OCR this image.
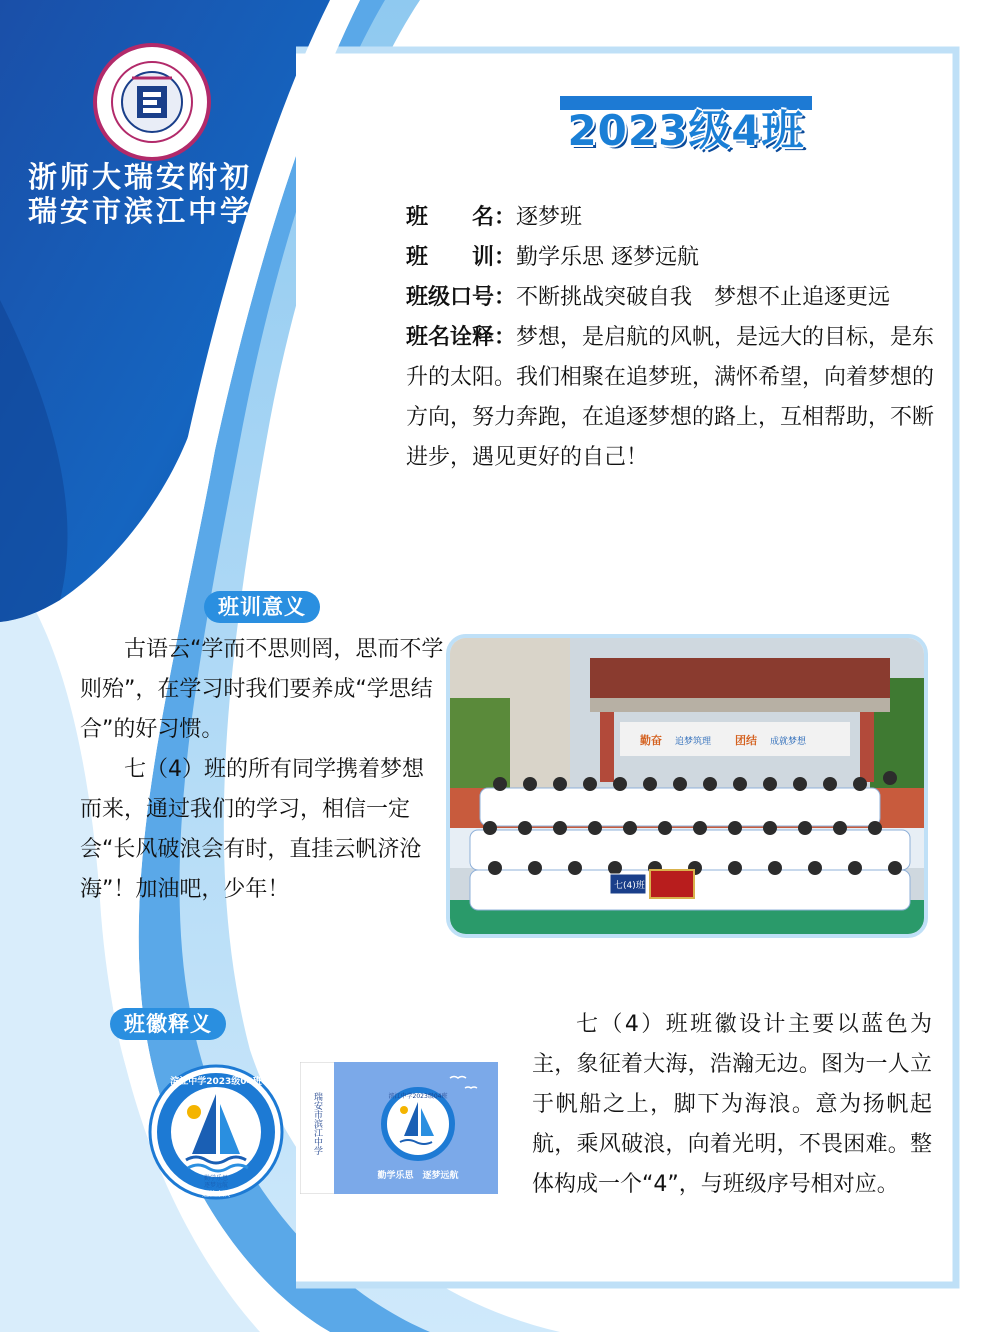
浙师大瑞安附初
瑞安市滨江中学
2023级4班
班　　名：逐梦班
班　　训：勤学乐思 逐梦远航
班级口号：不断挑战突破自我　梦想不止追逐更远
班名诠释：梦想，是启航的风帆，是远大的目标，是东升的太阳。我们相聚在追梦班，满怀希望，向着梦想的方向，努力奔跑，在追逐梦想的路上，互相帮助，不断进步，遇见更好的自己！
班训意义

古语云“学而不思则罔，思而不学则殆”，在学习时我们要养成“学思结合”的好习惯。

七（4）班的所有同学携着梦想而来，通过我们的学习，相信一定会“长风破浪会有时，直挂云帆济沧海”！加油吧，少年！

勤奋 追梦筑理 团结 成就梦想
七(4)班
班徽释义	七（4）班班徽设计主要以蓝色为主，象征着大海，浩瀚无边。图为一人立于帆船之上，脚下为海浪。意为扬帆起航，乘风破浪，向着光明，不畏困难。整体构成一个“4”，与班级序号相对应。

滨江中学2023级04班
勤学乐思
逐梦远航
逐梦中队
瑞安市滨江中学	滨江中学2023级04班
勤学乐思　逐梦远航
